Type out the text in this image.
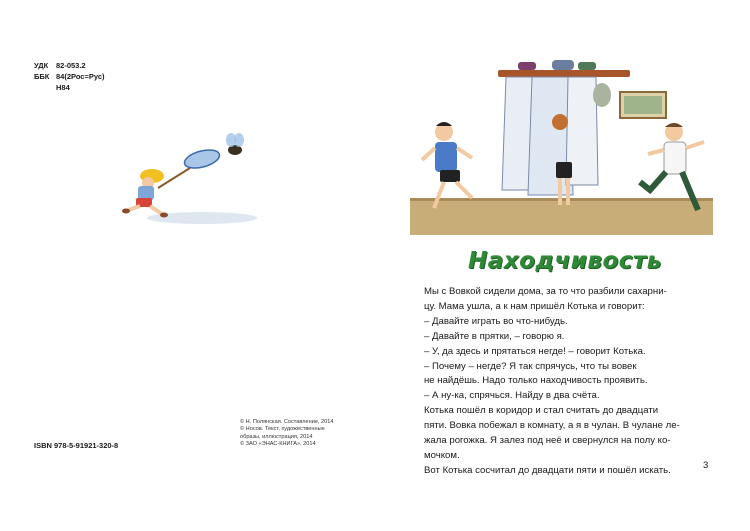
УДК	82-053.2
ББК 84(2Рос=Рус)
Н84
ISBN 978-5-91921-320-8
© Н. Полянская. Составление, 2014
© Носов. Текст, художественные
образы, иллюстрация, 2014
© ЗАО «ЭНАС-КНИГА», 2014
Находчивость

Мы с Вовкой сидели дома, за то что разбили сахарни-

цу. Мама ушла, а к нам пришёл Котька и говорит:

– Давайте играть во что-нибудь.

– Давайте в прятки, – говорю я.

– У, да здесь и прятаться негде! – говорит Котька.

– Почему – негде? Я так спрячусь, что ты вовек

не найдёшь. Надо только находчивость проявить.

– А ну-ка, спрячься. Найду в два счёта.

Котька пошёл в коридор и стал считать до двадцати

пяти. Вовка побежал в комнату, а я в чулан. В чулане ле-

жала рогожка. Я залез под неё и свернулся на полу ко-

мочком.

Вот Котька сосчитал до двадцати пяти и пошёл искать.	3
